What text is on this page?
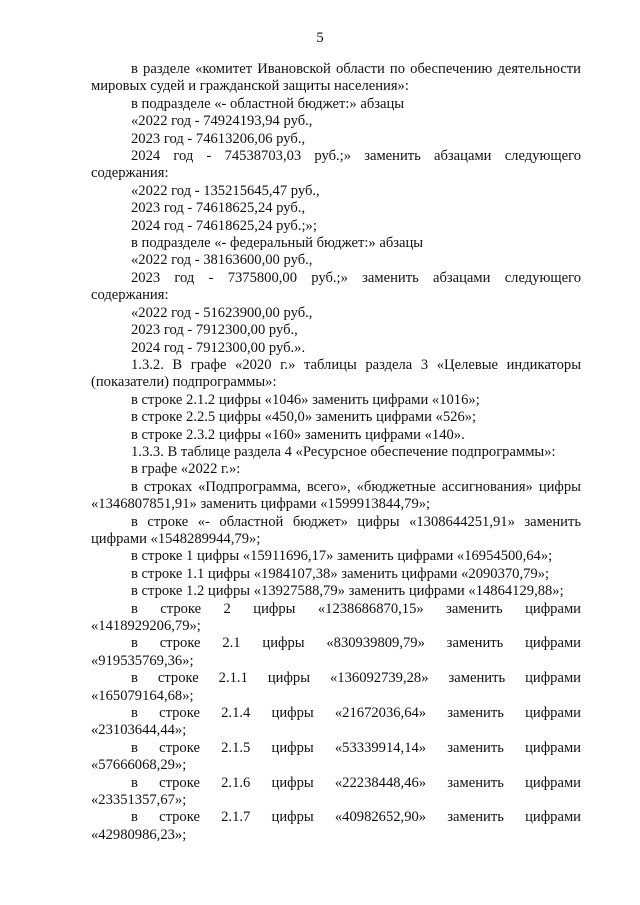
5

в разделе «комитет Ивановской области по обеспечению деятельности мировых судей и гражданской защиты населения»:

в подразделе «- областной бюджет:» абзацы

«2022 год - 74924193,94 руб.,

2023 год - 74613206,06 руб.,

2024 год - 74538703,03 руб.;» заменить абзацами следующего содержания:

«2022 год - 135215645,47 руб.,

2023 год - 74618625,24 руб.,

2024 год - 74618625,24 руб.;»;

в подразделе «- федеральный бюджет:» абзацы

«2022 год - 38163600,00 руб.,

2023 год - 7375800,00 руб.;» заменить абзацами следующего содержания:

«2022 год - 51623900,00 руб.,

2023 год - 7912300,00 руб.,

2024 год - 7912300,00 руб.».

1.3.2. В графе «2020 г.» таблицы раздела 3 «Целевые индикаторы (показатели) подпрограммы»:

в строке 2.1.2 цифры «1046» заменить цифрами «1016»;

в строке 2.2.5 цифры «450,0» заменить цифрами «526»;

в строке 2.3.2 цифры «160» заменить цифрами «140».

1.3.3. В таблице раздела 4 «Ресурсное обеспечение подпрограммы»:

в графе «2022 г.»:

в строках «Подпрограмма, всего», «бюджетные ассигнования» цифры «1346807851,91» заменить цифрами «1599913844,79»;

в строке «- областной бюджет» цифры «1308644251,91» заменить цифрами «1548289944,79»;

в строке 1 цифры «15911696,17» заменить цифрами «16954500,64»;

в строке 1.1 цифры «1984107,38» заменить цифрами «2090370,79»;

в строке 1.2 цифры «13927588,79» заменить цифрами «14864129,88»;

в строке 2 цифры «1238686870,15» заменить цифрами

«1418929206,79»;

в строке 2.1 цифры «830939809,79» заменить цифрами

«919535769,36»;

в строке 2.1.1 цифры «136092739,28» заменить цифрами

«165079164,68»;

в строке 2.1.4 цифры «21672036,64» заменить цифрами

«23103644,44»;

в строке 2.1.5 цифры «53339914,14» заменить цифрами

«57666068,29»;

в строке 2.1.6 цифры «22238448,46» заменить цифрами

«23351357,67»;

в строке 2.1.7 цифры «40982652,90» заменить цифрами

«42980986,23»;
